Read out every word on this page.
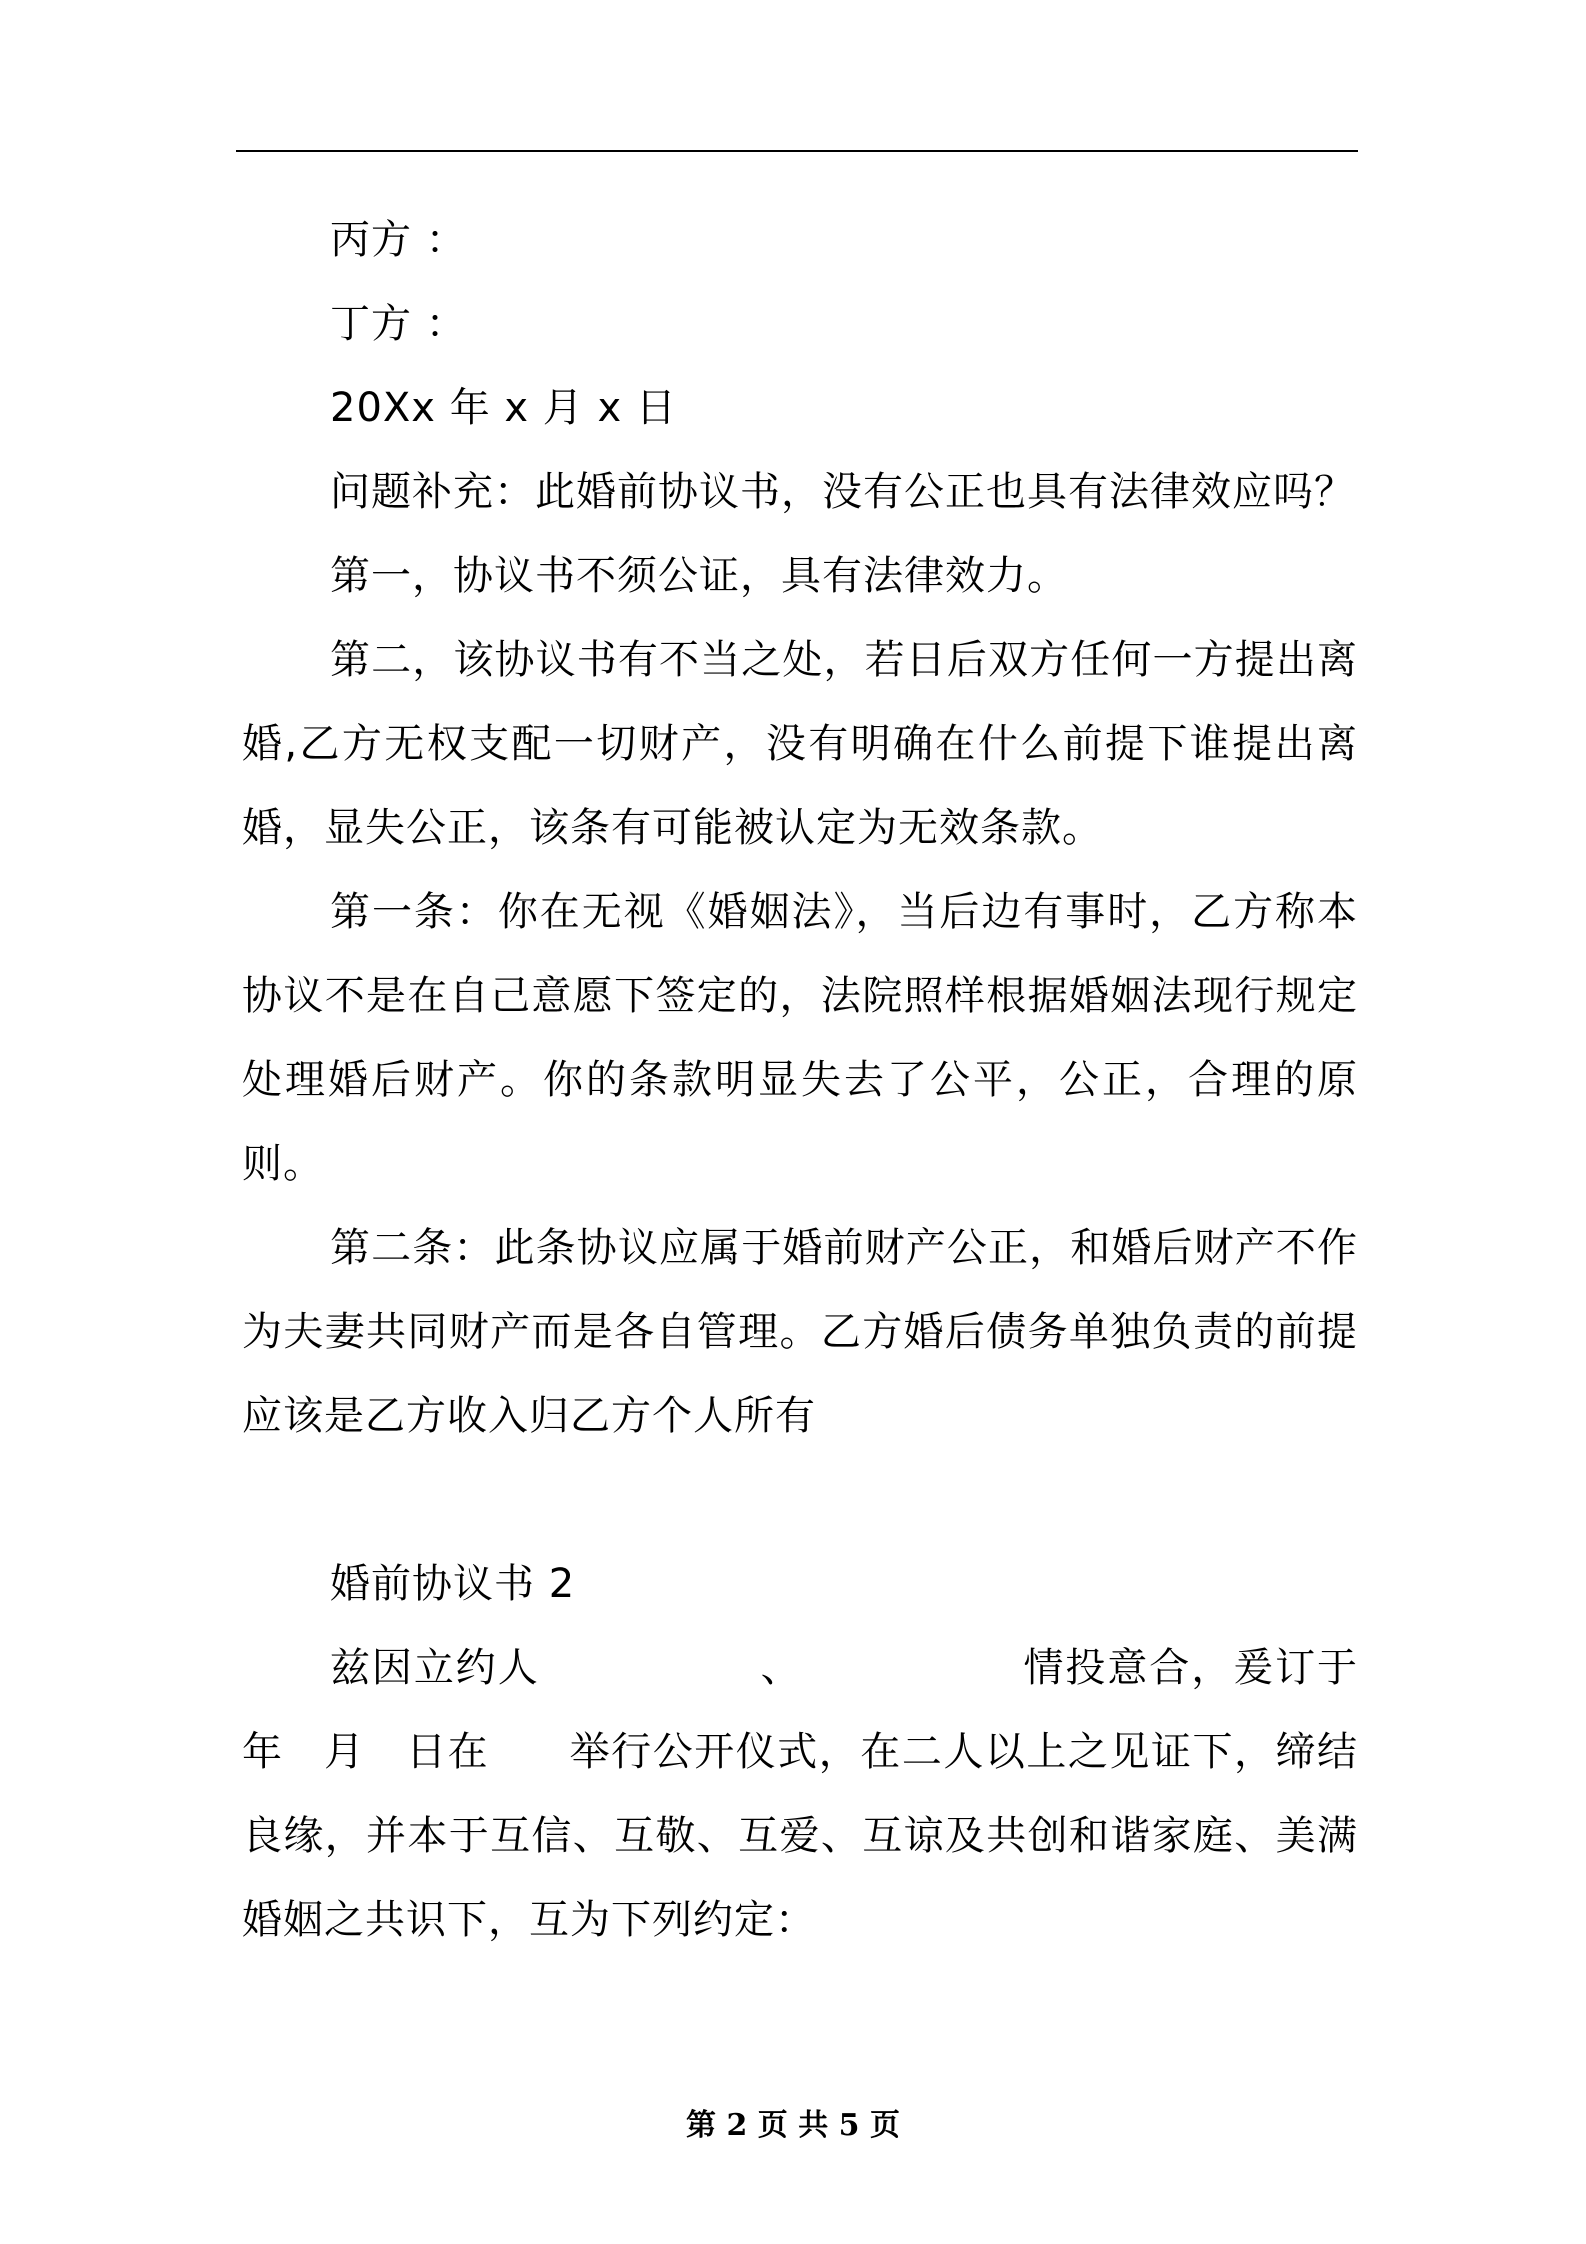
丙方 ：

丁方 ：

20Xx 年 x 月 x 日

问题补充：此婚前协议书，没有公正也具有法律效应吗？

第一，协议书不须公证，具有法律效力。

第二，该协议书有不当之处，若日后双方任何一方提出离婚,乙方无权支配一切财产，没有明确在什么前提下谁提出离婚，显失公正，该条有可能被认定为无效条款。

第一条：你在无视《婚姻法》，当后边有事时，乙方称本协议不是在自己意愿下签定的，法院照样根据婚姻法现行规定处理婚后财产。你的条款明显失去了公平，公正，合理的原则。

第二条：此条协议应属于婚前财产公正，和婚后财产不作为夫妻共同财产而是各自管理。乙方婚后债务单独负责的前提应该是乙方收入归乙方个人所有

婚前协议书 2

兹因立约人	、	情投意合，爰订于年 月 日在 举行公开仪式，在二人以上之见证下，缔结良缘，并本于互信、互敬、互爱、互谅及共创和谐家庭、美满婚姻之共识下，互为下列约定：

第 2 页 共 5 页
